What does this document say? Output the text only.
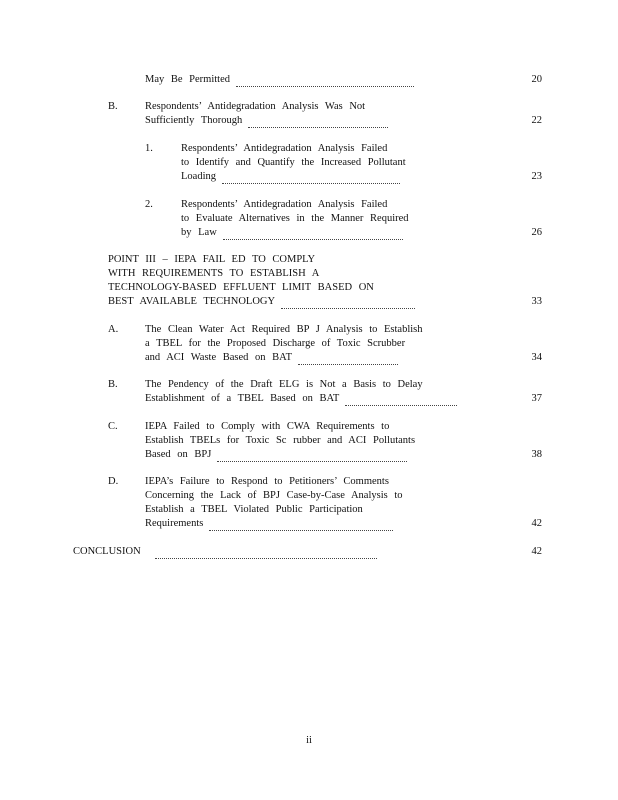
May Be Permitted	20
B.	Respondents’ Antidegradation Analysis Was Not
Sufficiently Thorough	22
1.	Respondents’ Antidegradation Analysis Failed
to Identify and Quantify the Increased Pollutant
Loading	23
2.	Respondents’ Antidegradation Analysis Failed
to Evaluate Alternatives in the Manner Required
by Law	26
POINT III – IEPA FAIL ED TO COMPLY
WITH REQUIREMENTS TO ESTABLISH A
TECHNOLOGY-BASED EFFLUENT LIMIT BASED ON
BEST AVAILABLE TECHNOLOGY	33
A.	The Clean Water Act Required BP J Analysis to Establish
a TBEL for the Proposed Discharge of Toxic Scrubber
and ACI Waste Based on BAT	34
B.	The Pendency of the Draft ELG is Not a Basis to Delay
Establishment of a TBEL Based on BAT	37
C.	IEPA Failed to Comply with CWA Requirements to
Establish TBELs for Toxic Sc rubber and ACI Pollutants
Based on BPJ	38
D.	IEPA’s Failure to Respond to Petitioners’ Comments
Concerning the Lack of BPJ Case-by-Case Analysis to
Establish a TBEL Violated Public Participation
Requirements	42
CONCLUSION	42
ii
